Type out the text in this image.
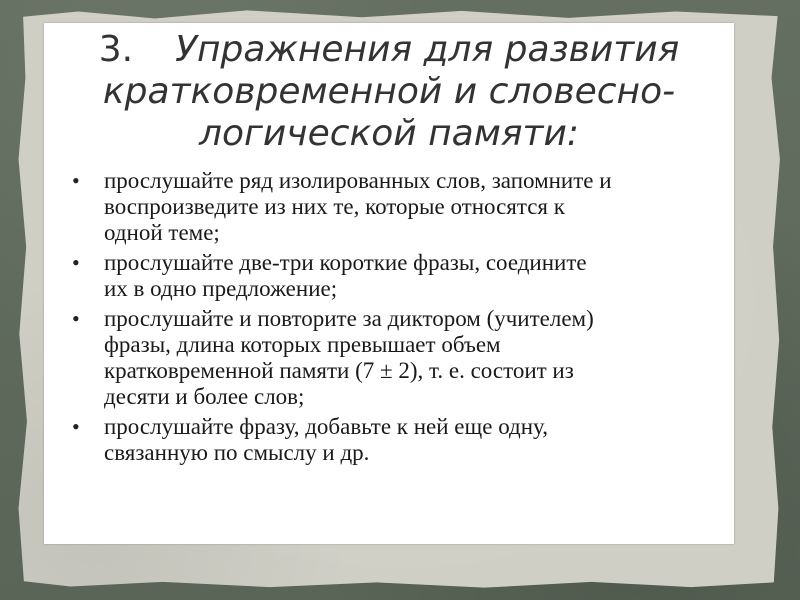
3. Упражнения для развития
кратковременной и словесно-
логической памяти:
•	прослушайте ряд изолированных слов, запомните и
воспроизведите из них те, которые относятся к
одной теме;
•	прослушайте две-три короткие фразы, соедините
их в одно предложение;
•	прослушайте и повторите за диктором (учителем)
фразы, длина которых превышает объем
кратковременной памяти (7 ± 2), т. е. состоит из
десяти и более слов;
•	прослушайте фразу, добавьте к ней еще одну,
связанную по смыслу и др.
